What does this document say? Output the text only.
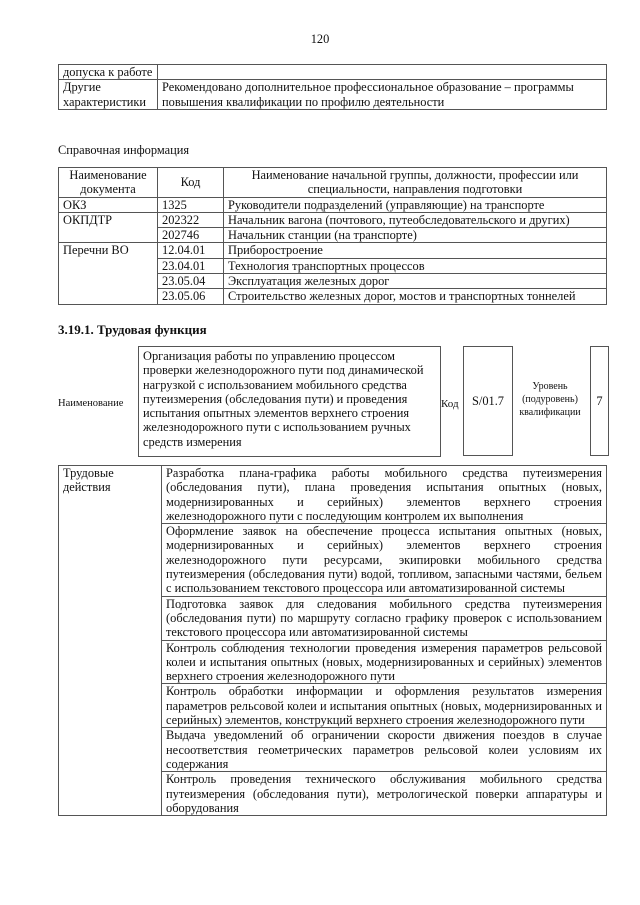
120
допуска к работе	
Другие характеристики	Рекомендовано дополнительное профессиональное образование – программы повышения квалификации по профилю деятельности
Справочная информация
Наименование документа	Код	Наименование начальной группы, должности, профессии или специальности, направления подготовки
ОКЗ	1325	Руководители подразделений (управляющие) на транспорте
ОКПДТР	202322	Начальник вагона (почтового, путеобследовательского и других)
	202746	Начальник станции (на транспорте)
Перечни ВО	12.04.01	Приборостроение
	23.04.01	Технология транспортных процессов
	23.05.04	Эксплуатация железных дорог
	23.05.06	Строительство железных дорог, мостов и транспортных тоннелей
3.19.1. Трудовая функция
Наименование
Организация работы по управлению процессом проверки железнодорожного пути под динамической нагрузкой с использованием мобильного средства путеизмерения (обследования пути) и проведения испытания опытных элементов верхнего строения железнодорожного пути с использованием ручных средств измерения
Код S/01.7
Уровень (подуровень) квалификации
7
Трудовые действия	Разработка плана-графика работы мобильного средства путеизмерения (обследования пути), плана проведения испытания опытных (новых, модернизированных и серийных) элементов верхнего строения железнодорожного пути с последующим контролем их выполнения
Оформление заявок на обеспечение процесса испытания опытных (новых, модернизированных и серийных) элементов верхнего строения железнодорожного пути ресурсами, экипировки мобильного средства путеизмерения (обследования пути) водой, топливом, запасными частями, бельем с использованием текстового процессора или автоматизированной системы
Подготовка заявок для следования мобильного средства путеизмерения (обследования пути) по маршруту согласно графику проверок с использованием текстового процессора или автоматизированной системы
Контроль соблюдения технологии проведения измерения параметров рельсовой колеи и испытания опытных (новых, модернизированных и серийных) элементов верхнего строения железнодорожного пути
Контроль обработки информации и оформления результатов измерения параметров рельсовой колеи и испытания опытных (новых, модернизированных и серийных) элементов, конструкций верхнего строения железнодорожного пути
Выдача уведомлений об ограничении скорости движения поездов в случае несоответствия геометрических параметров рельсовой колеи условиям их содержания
Контроль проведения технического обслуживания мобильного средства путеизмерения (обследования пути), метрологической поверки аппаратуры и оборудования
